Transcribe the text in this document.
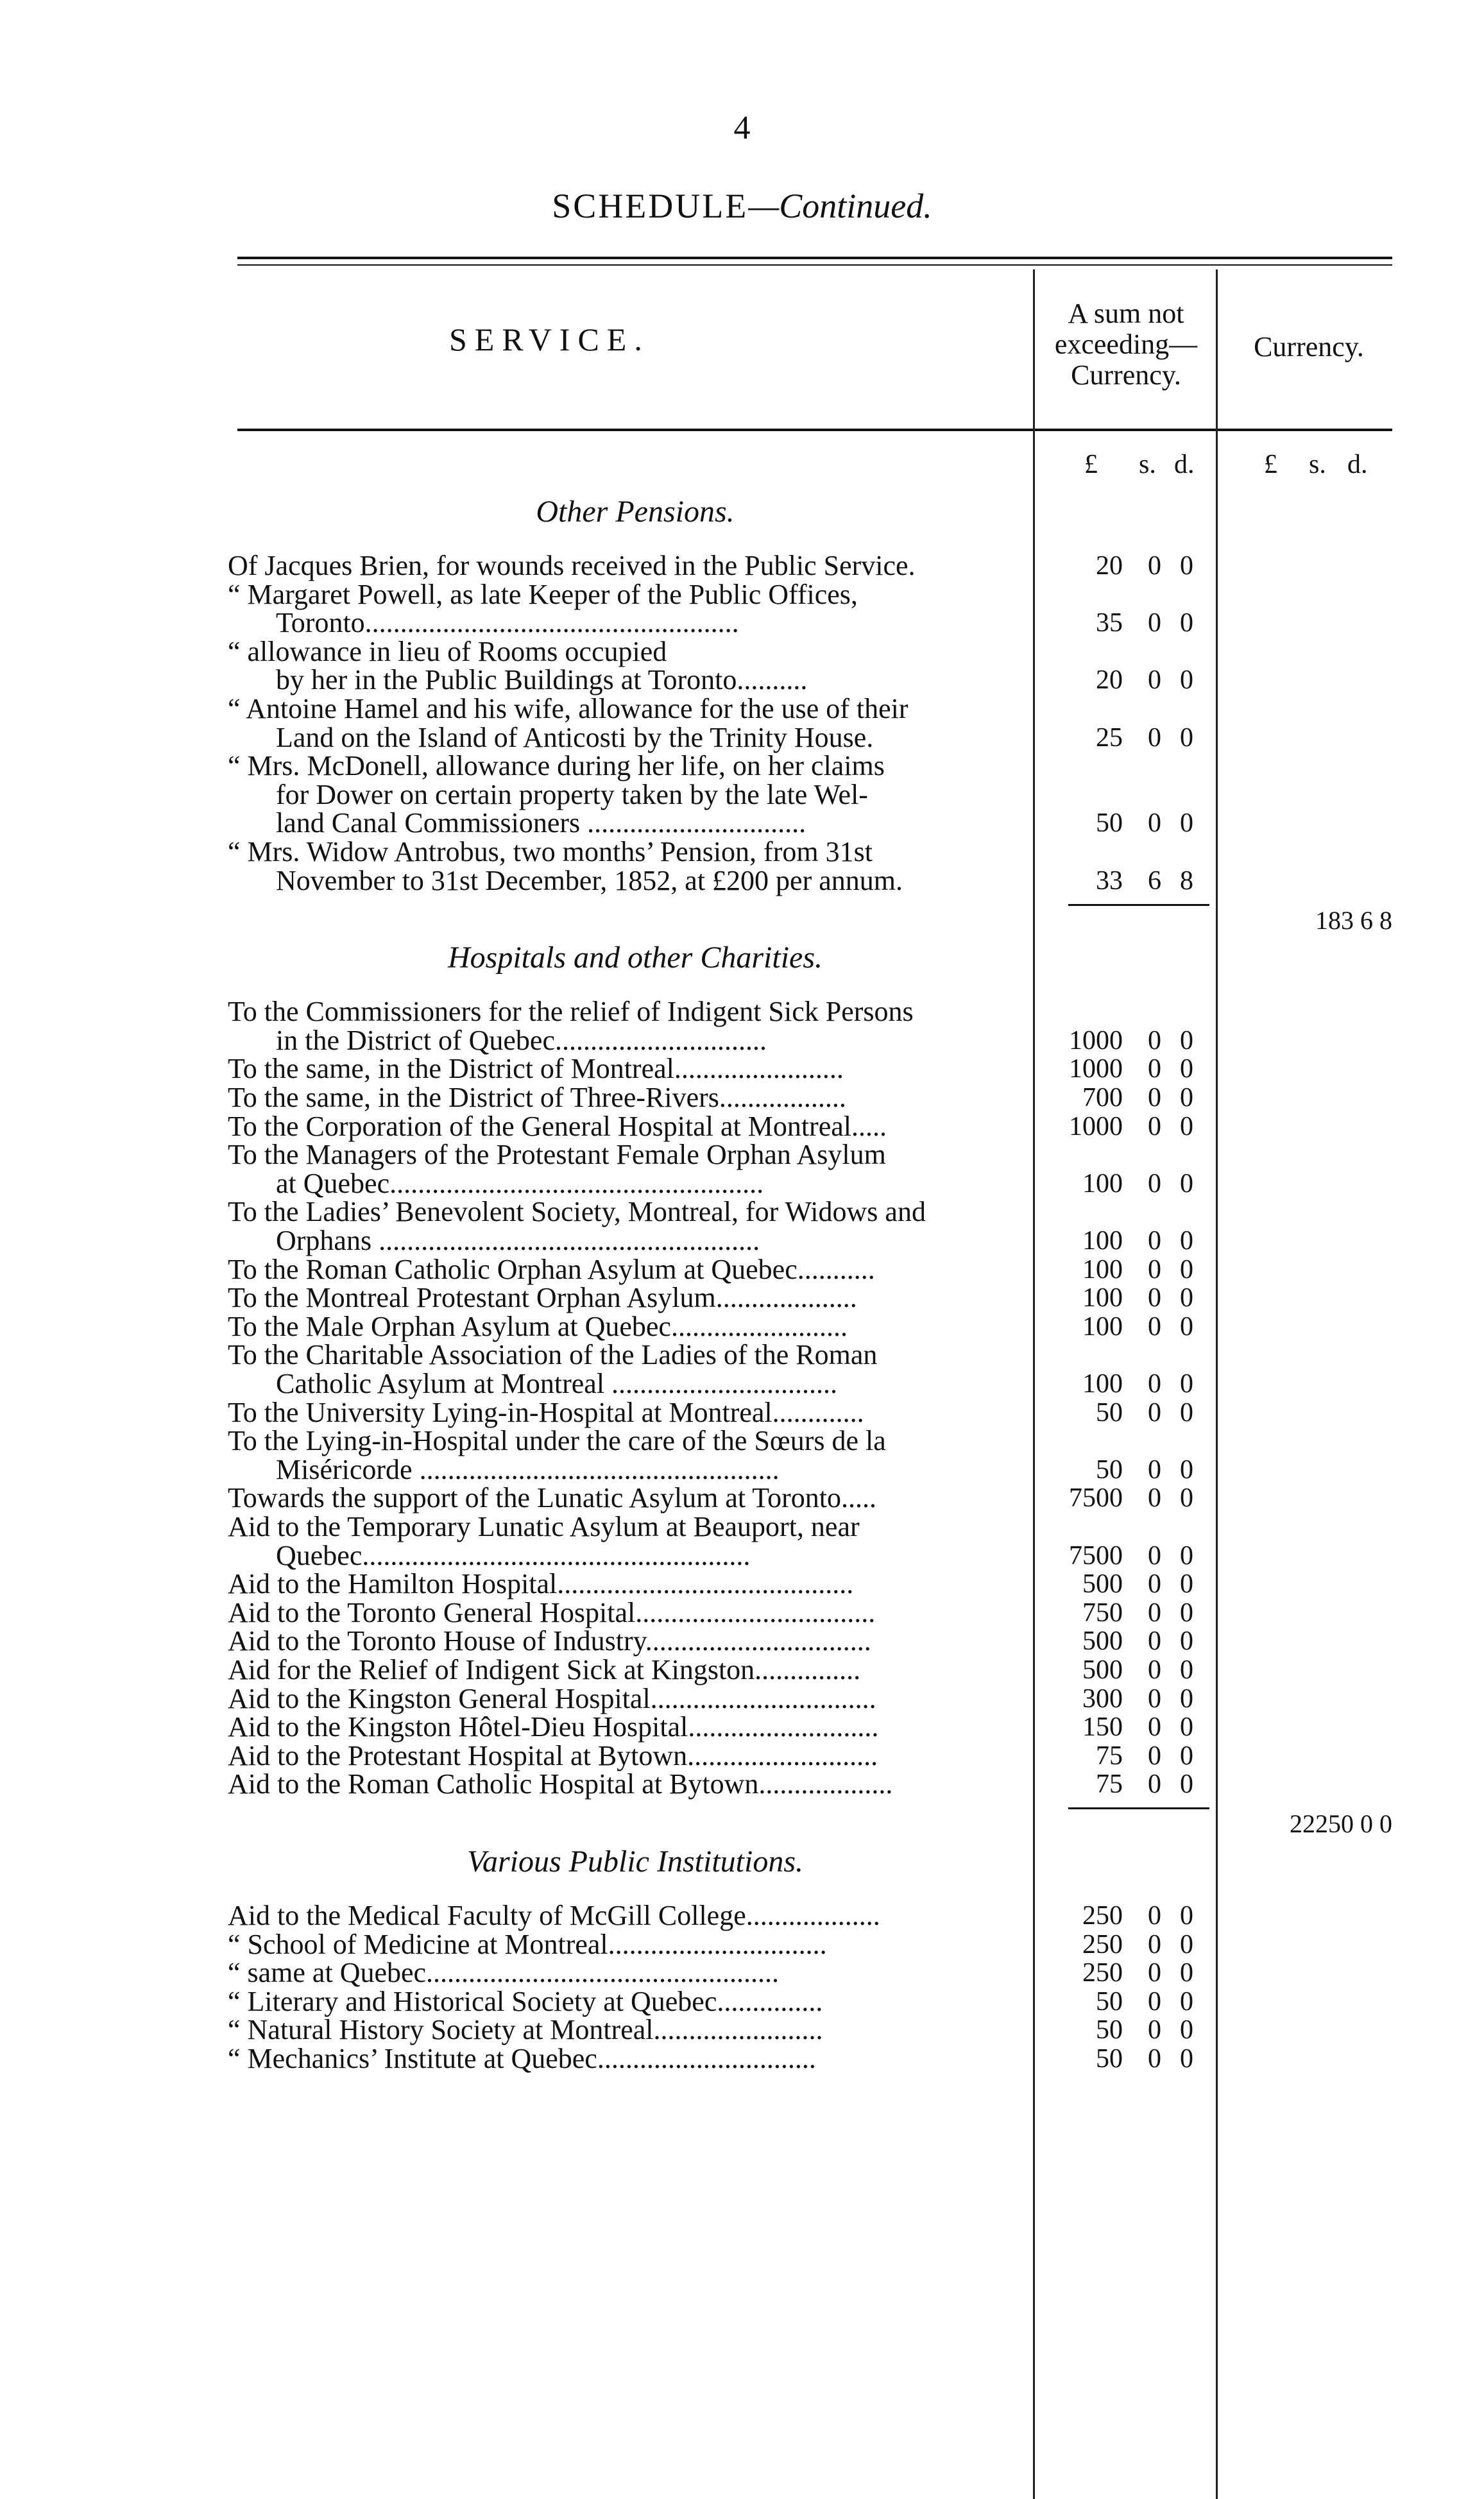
4
SCHEDULE—Continued.
SERVICE.
A sum not
exceeding—
Currency.
Currency.
£ s. d.	£ s. d.
Other Pensions.
Of Jacques Brien, for wounds received in the Public Service.	20 0 0
“ Margaret Powell, as late Keeper of the Public Offices,
Toronto.....................................................	35 0 0
“ allowance in lieu of Rooms occupied
by her in the Public Buildings at Toronto..........	20 0 0
“ Antoine Hamel and his wife, allowance for the use of their
Land on the Island of Anticosti by the Trinity House.	25 0 0
“ Mrs. McDonell, allowance during her life, on her claims
for Dower on certain property taken by the late Wel-
land Canal Commissioners ...............................	50 0 0
“ Mrs. Widow Antrobus, two months’ Pension, from 31st
November to 31st December, 1852, at £200 per annum.	33 6 8
183 6 8
Hospitals and other Charities.
To the Commissioners for the relief of Indigent Sick Persons
in the District of Quebec..............................	1000 0 0
To the same, in the District of Montreal........................	1000 0 0
To the same, in the District of Three-Rivers..................	700 0 0
To the Corporation of the General Hospital at Montreal.....	1000 0 0
To the Managers of the Protestant Female Orphan Asylum
at Quebec.....................................................	100 0 0
To the Ladies’ Benevolent Society, Montreal, for Widows and
Orphans ......................................................	100 0 0
To the Roman Catholic Orphan Asylum at Quebec...........	100 0 0
To the Montreal Protestant Orphan Asylum....................	100 0 0
To the Male Orphan Asylum at Quebec.........................	100 0 0
To the Charitable Association of the Ladies of the Roman
Catholic Asylum at Montreal ................................	100 0 0
To the University Lying-in-Hospital at Montreal.............	50 0 0
To the Lying-in-Hospital under the care of the Sœurs de la
Miséricorde ...................................................	50 0 0
Towards the support of the Lunatic Asylum at Toronto.....	7500 0 0
Aid to the Temporary Lunatic Asylum at Beauport, near
Quebec.......................................................	7500 0 0
Aid to the Hamilton Hospital..........................................	500 0 0
Aid to the Toronto General Hospital..................................	750 0 0
Aid to the Toronto House of Industry................................	500 0 0
Aid for the Relief of Indigent Sick at Kingston...............	500 0 0
Aid to the Kingston General Hospital................................	300 0 0
Aid to the Kingston Hôtel-Dieu Hospital...........................	150 0 0
Aid to the Protestant Hospital at Bytown...........................	75 0 0
Aid to the Roman Catholic Hospital at Bytown...................	75 0 0
22250 0 0
Various Public Institutions.
Aid to the Medical Faculty of McGill College...................	250 0 0
“ School of Medicine at Montreal...............................	250 0 0
“ same at Quebec..................................................	250 0 0
“ Literary and Historical Society at Quebec...............	50 0 0
“ Natural History Society at Montreal........................	50 0 0
“ Mechanics’ Institute at Quebec...............................	50 0 0
